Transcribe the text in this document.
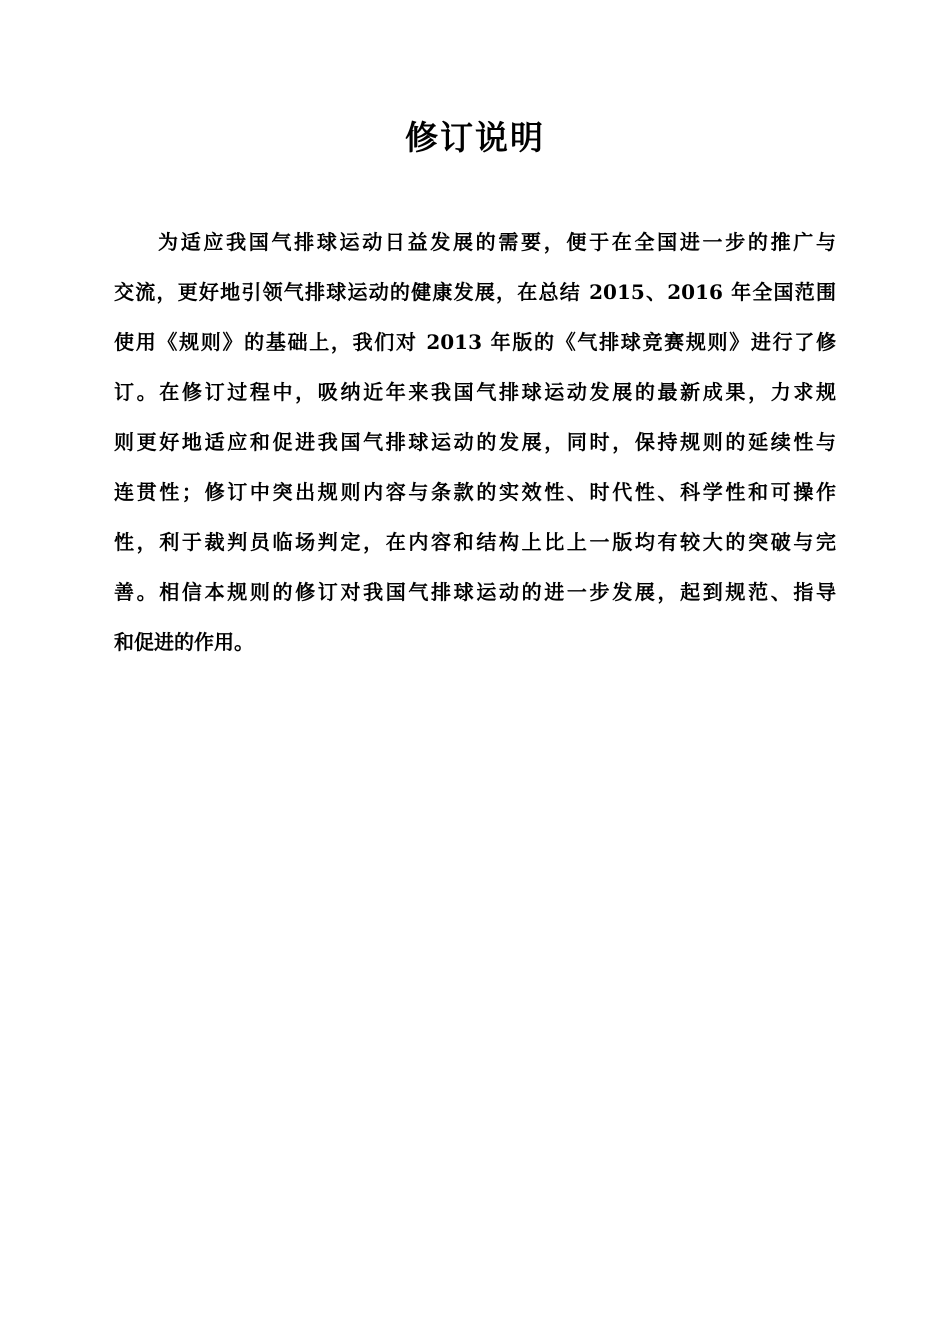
修订说明
为适应我国气排球运动日益发展的需要，便于在全国进一步的推广与
交流，更好地引领气排球运动的健康发展，在总结 2015、2016 年全国范围
使用《规则》的基础上，我们对 2013 年版的《气排球竞赛规则》进行了修
订。在修订过程中，吸纳近年来我国气排球运动发展的最新成果，力求规
则更好地适应和促进我国气排球运动的发展，同时，保持规则的延续性与
连贯性；修订中突出规则内容与条款的实效性、时代性、科学性和可操作
性，利于裁判员临场判定，在内容和结构上比上一版均有较大的突破与完
善。相信本规则的修订对我国气排球运动的进一步发展，起到规范、指导
和促进的作用。
